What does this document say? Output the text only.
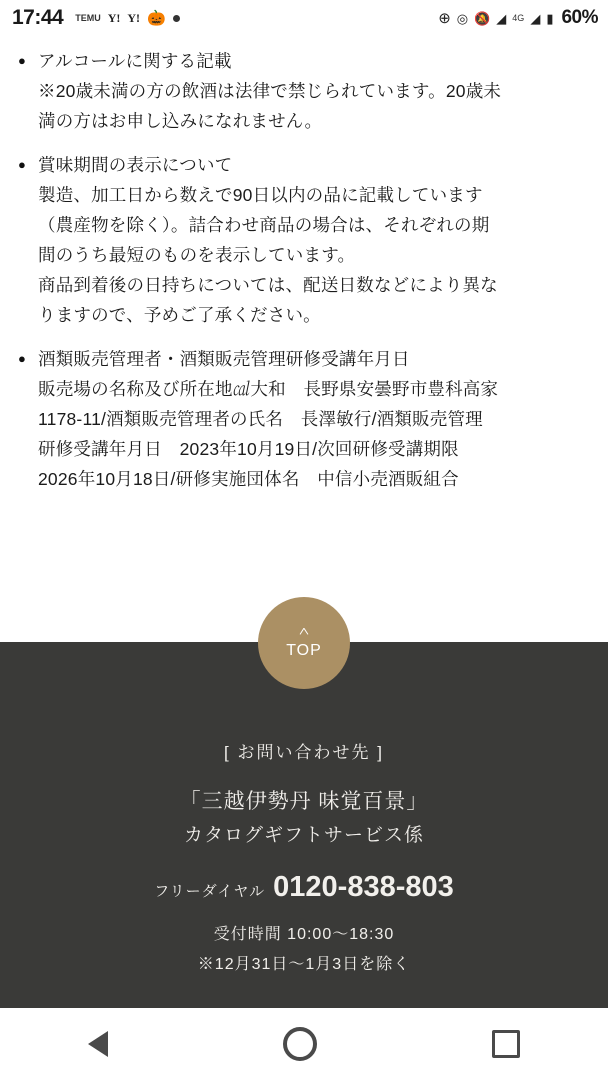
17:44 TEMU Y! Y! 🎃	⊕ ◎ 🔕 ◢ 4G ◢ ▮ 60%
● アルコールに関する記載
※20歳未満の方の飲酒は法律で禁じられています。20歳未
満の方はお申し込みになれません。
● 賞味期間の表示について
製造、加工日から数えで90日以内の品に記載しています
（農産物を除く）。詰合わせ商品の場合は、それぞれの期
間のうち最短のものを表示しています。
商品到着後の日持ちについては、配送日数などにより異な
りますので、予めご了承ください。
● 酒類販売管理者・酒類販売管理研修受講年月日
販売場の名称及び所在地㎈大和　長野県安曇野市豊科高家
1178-11/酒類販売管理者の氏名　長澤敏行/酒類販売管理
研修受講年月日　2023年10月19日/次回研修受講期限
2026年10月18日/研修実施団体名　中信小売酒販組合
＾
TOP
[ お問い合わせ先 ]
「三越伊勢丹 味覚百景」
カタログギフトサービス係
フリーダイヤル 0120-838-803
受付時間 10:00〜18:30
※12月31日〜1月3日を除く
